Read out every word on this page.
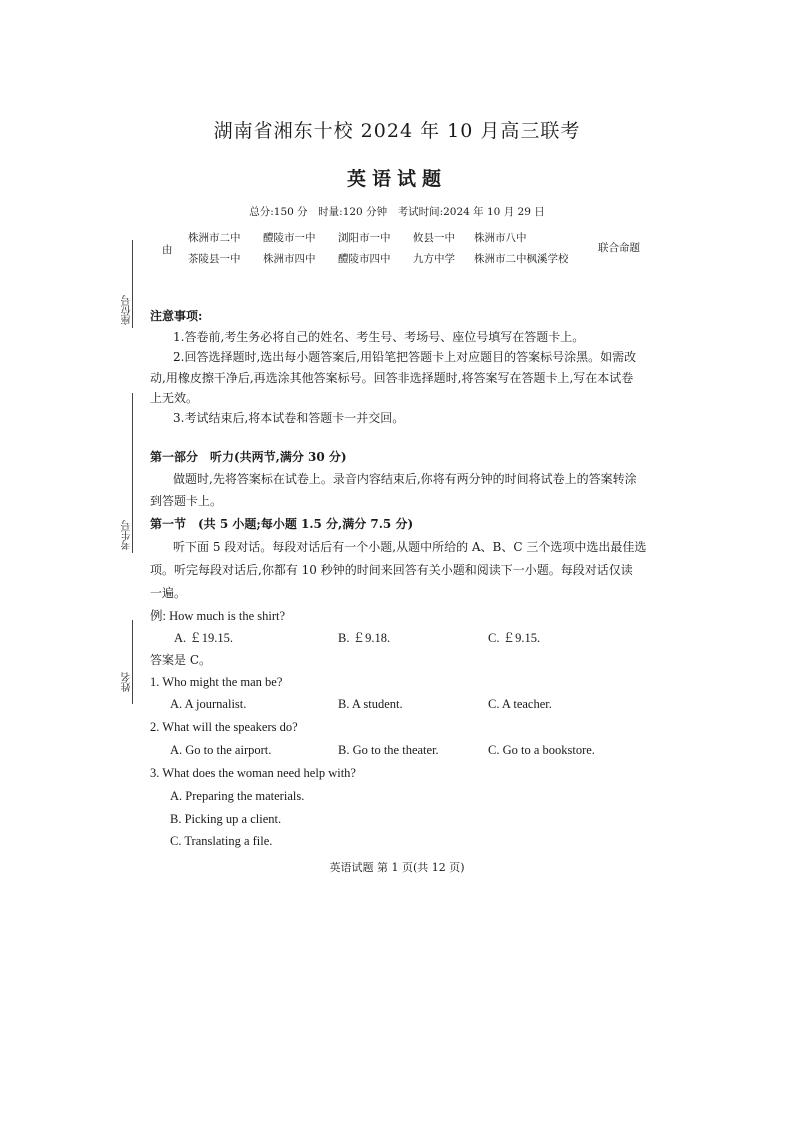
湖南省湘东十校 2024 年 10 月高三联考
英语试题
总分:150 分　时量:120 分钟　考试时间:2024 年 10 月 29 日
由
株洲市二中 醴陵市一中 浏阳市一中 攸县一中 株洲市八中
茶陵县一中 株洲市四中 醴陵市四中 九方中学 株洲市二中枫溪学校
联合命题
座位号
考生号
姓名
注意事项:
1.答卷前,考生务必将自己的姓名、考生号、考场号、座位号填写在答题卡上。
2.回答选择题时,选出每小题答案后,用铅笔把答题卡上对应题目的答案标号涂黑。如需改
动,用橡皮擦干净后,再选涂其他答案标号。回答非选择题时,将答案写在答题卡上,写在本试卷
上无效。
3.考试结束后,将本试卷和答题卡一并交回。
第一部分　听力(共两节,满分 30 分)
做题时,先将答案标在试卷上。录音内容结束后,你将有两分钟的时间将试卷上的答案转涂
到答题卡上。
第一节　(共 5 小题;每小题 1.5 分,满分 7.5 分)
听下面 5 段对话。每段对话后有一个小题,从题中所给的 A、B、C 三个选项中选出最佳选
项。听完每段对话后,你都有 10 秒钟的时间来回答有关小题和阅读下一小题。每段对话仅读
一遍。
例: How much is the shirt?
A. ￡19.15.	B. ￡9.18.	C. ￡9.15.
答案是 C。
1. Who might the man be?
A. A journalist.	B. A student.	C. A teacher.
2. What will the speakers do?
A. Go to the airport.	B. Go to the theater.	C. Go to a bookstore.
3. What does the woman need help with?
A. Preparing the materials.
B. Picking up a client.
C. Translating a file.
英语试题 第 1 页(共 12 页)
